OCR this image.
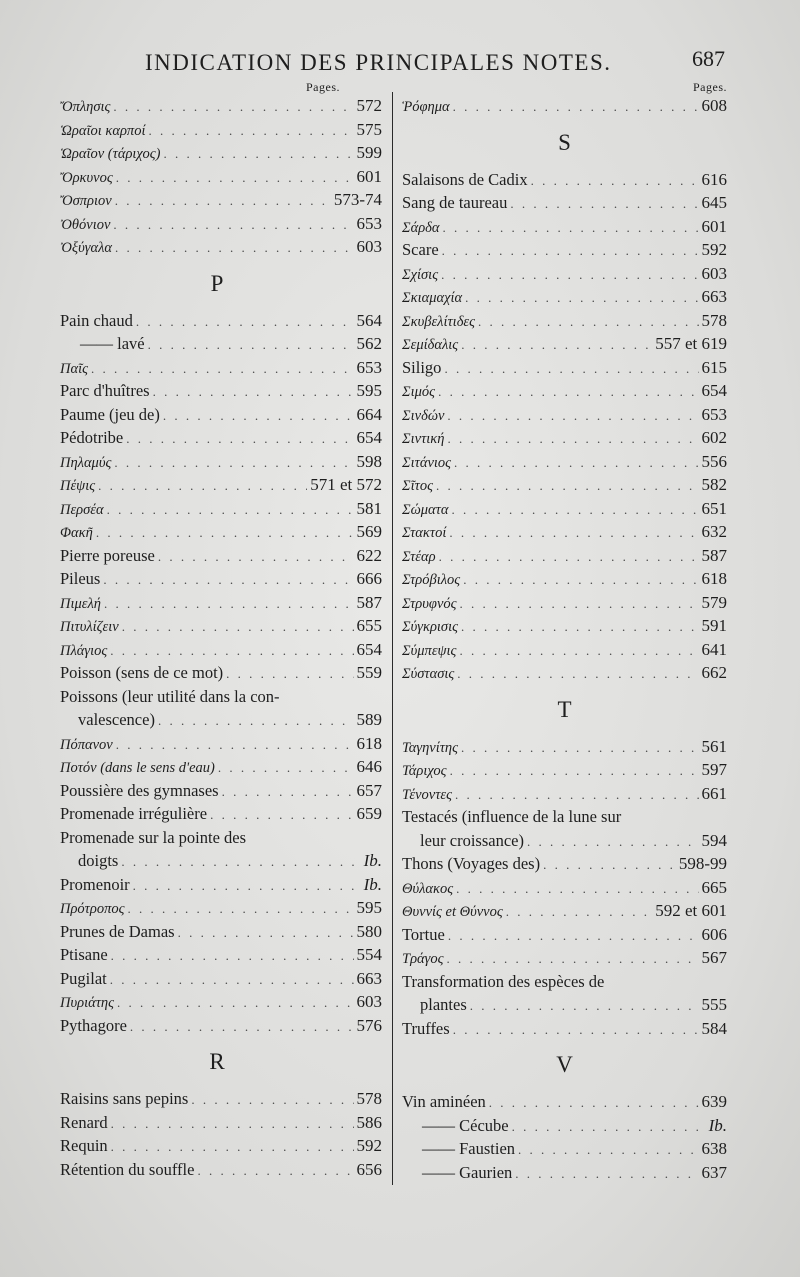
INDICATION DES PRINCIPALES NOTES.	687
Pages.
Ὄπλησις . . .	572
Ὡραῖοι καρποί . . .	575
Ὡραῖον (τάριχος) . . .	599
Ὄρκυνος . . .	601
Ὄσπριον . . .	573-74
Ὀθόνιον . . .	653
Ὀξύγαλα . . .	603
P
Pain chaud . . .	564
—— lavé . . .	562
Παῖς . . .	653
Parc d'huîtres . . .	595
Paume (jeu de) . . .	664
Pédotribe . . .	654
Πηλαμύς . . .	598
Πέψις . . .	571 et 572
Περσέα . . .	581
Φακῆ . . .	569
Pierre poreuse . . .	622
Pileus . . .	666
Πιμελή . . .	587
Πιτυλίζειν . . .	655
Πλάγιος . . .	654
Poisson (sens de ce mot) . . .	559
Poissons (leur utilité dans la con-
valescence) . . .	589
Πόπανον . . .	618
Ποτόν (dans le sens d'eau) . . .	646
Poussière des gymnases . . .	657
Promenade irrégulière . . .	659
Promenade sur la pointe des
doigts . . .	Ib.
Promenoir . . .	Ib.
Πρότροπος . . .	595
Prunes de Damas . . .	580
Ptisane . . .	554
Pugilat . . .	663
Πυριάτης . . .	603
Pythagore . . .	576
R
Raisins sans pepins . . .	578
Renard . . .	586
Requin . . .	592
Rétention du souffle . . .	656
Pages.
Ῥόφημα . . .	608
S
Salaisons de Cadix . . .	616
Sang de taureau . . .	645
Σάρδα . . .	601
Scare . . .	592
Σχίσις . . .	603
Σκιαμαχία . . .	663
Σκυβελίτιδες . . .	578
Σεμίδαλις . . .	557 et 619
Siligo . . .	615
Σιμός . . .	654
Σινδών . . .	653
Σιντική . . .	602
Σιτάνιος . . .	556
Σῖτος . . .	582
Σώματα . . .	651
Στακτοί . . .	632
Στέαρ . . .	587
Στρόβιλος . . .	618
Στρυφνός . . .	579
Σύγκρισις . . .	591
Σύμπεψις . . .	641
Σύστασις . . .	662
T
Ταγηνίτης . . .	561
Τάριχος . . .	597
Τένοντες . . .	661
Testacés (influence de la lune sur
leur croissance) . . .	594
Thons (Voyages des) . . .	598-99
Θύλακος . . .	665
Θυννίς et Θύννος . . .	592 et 601
Tortue . . .	606
Τράγος . . .	567
Transformation des espèces de
plantes . . .	555
Truffes . . .	584
V
Vin aminéen . . .	639
—— Cécube . . .	Ib.
—— Faustien . . .	638
—— Gaurien . . .	637
